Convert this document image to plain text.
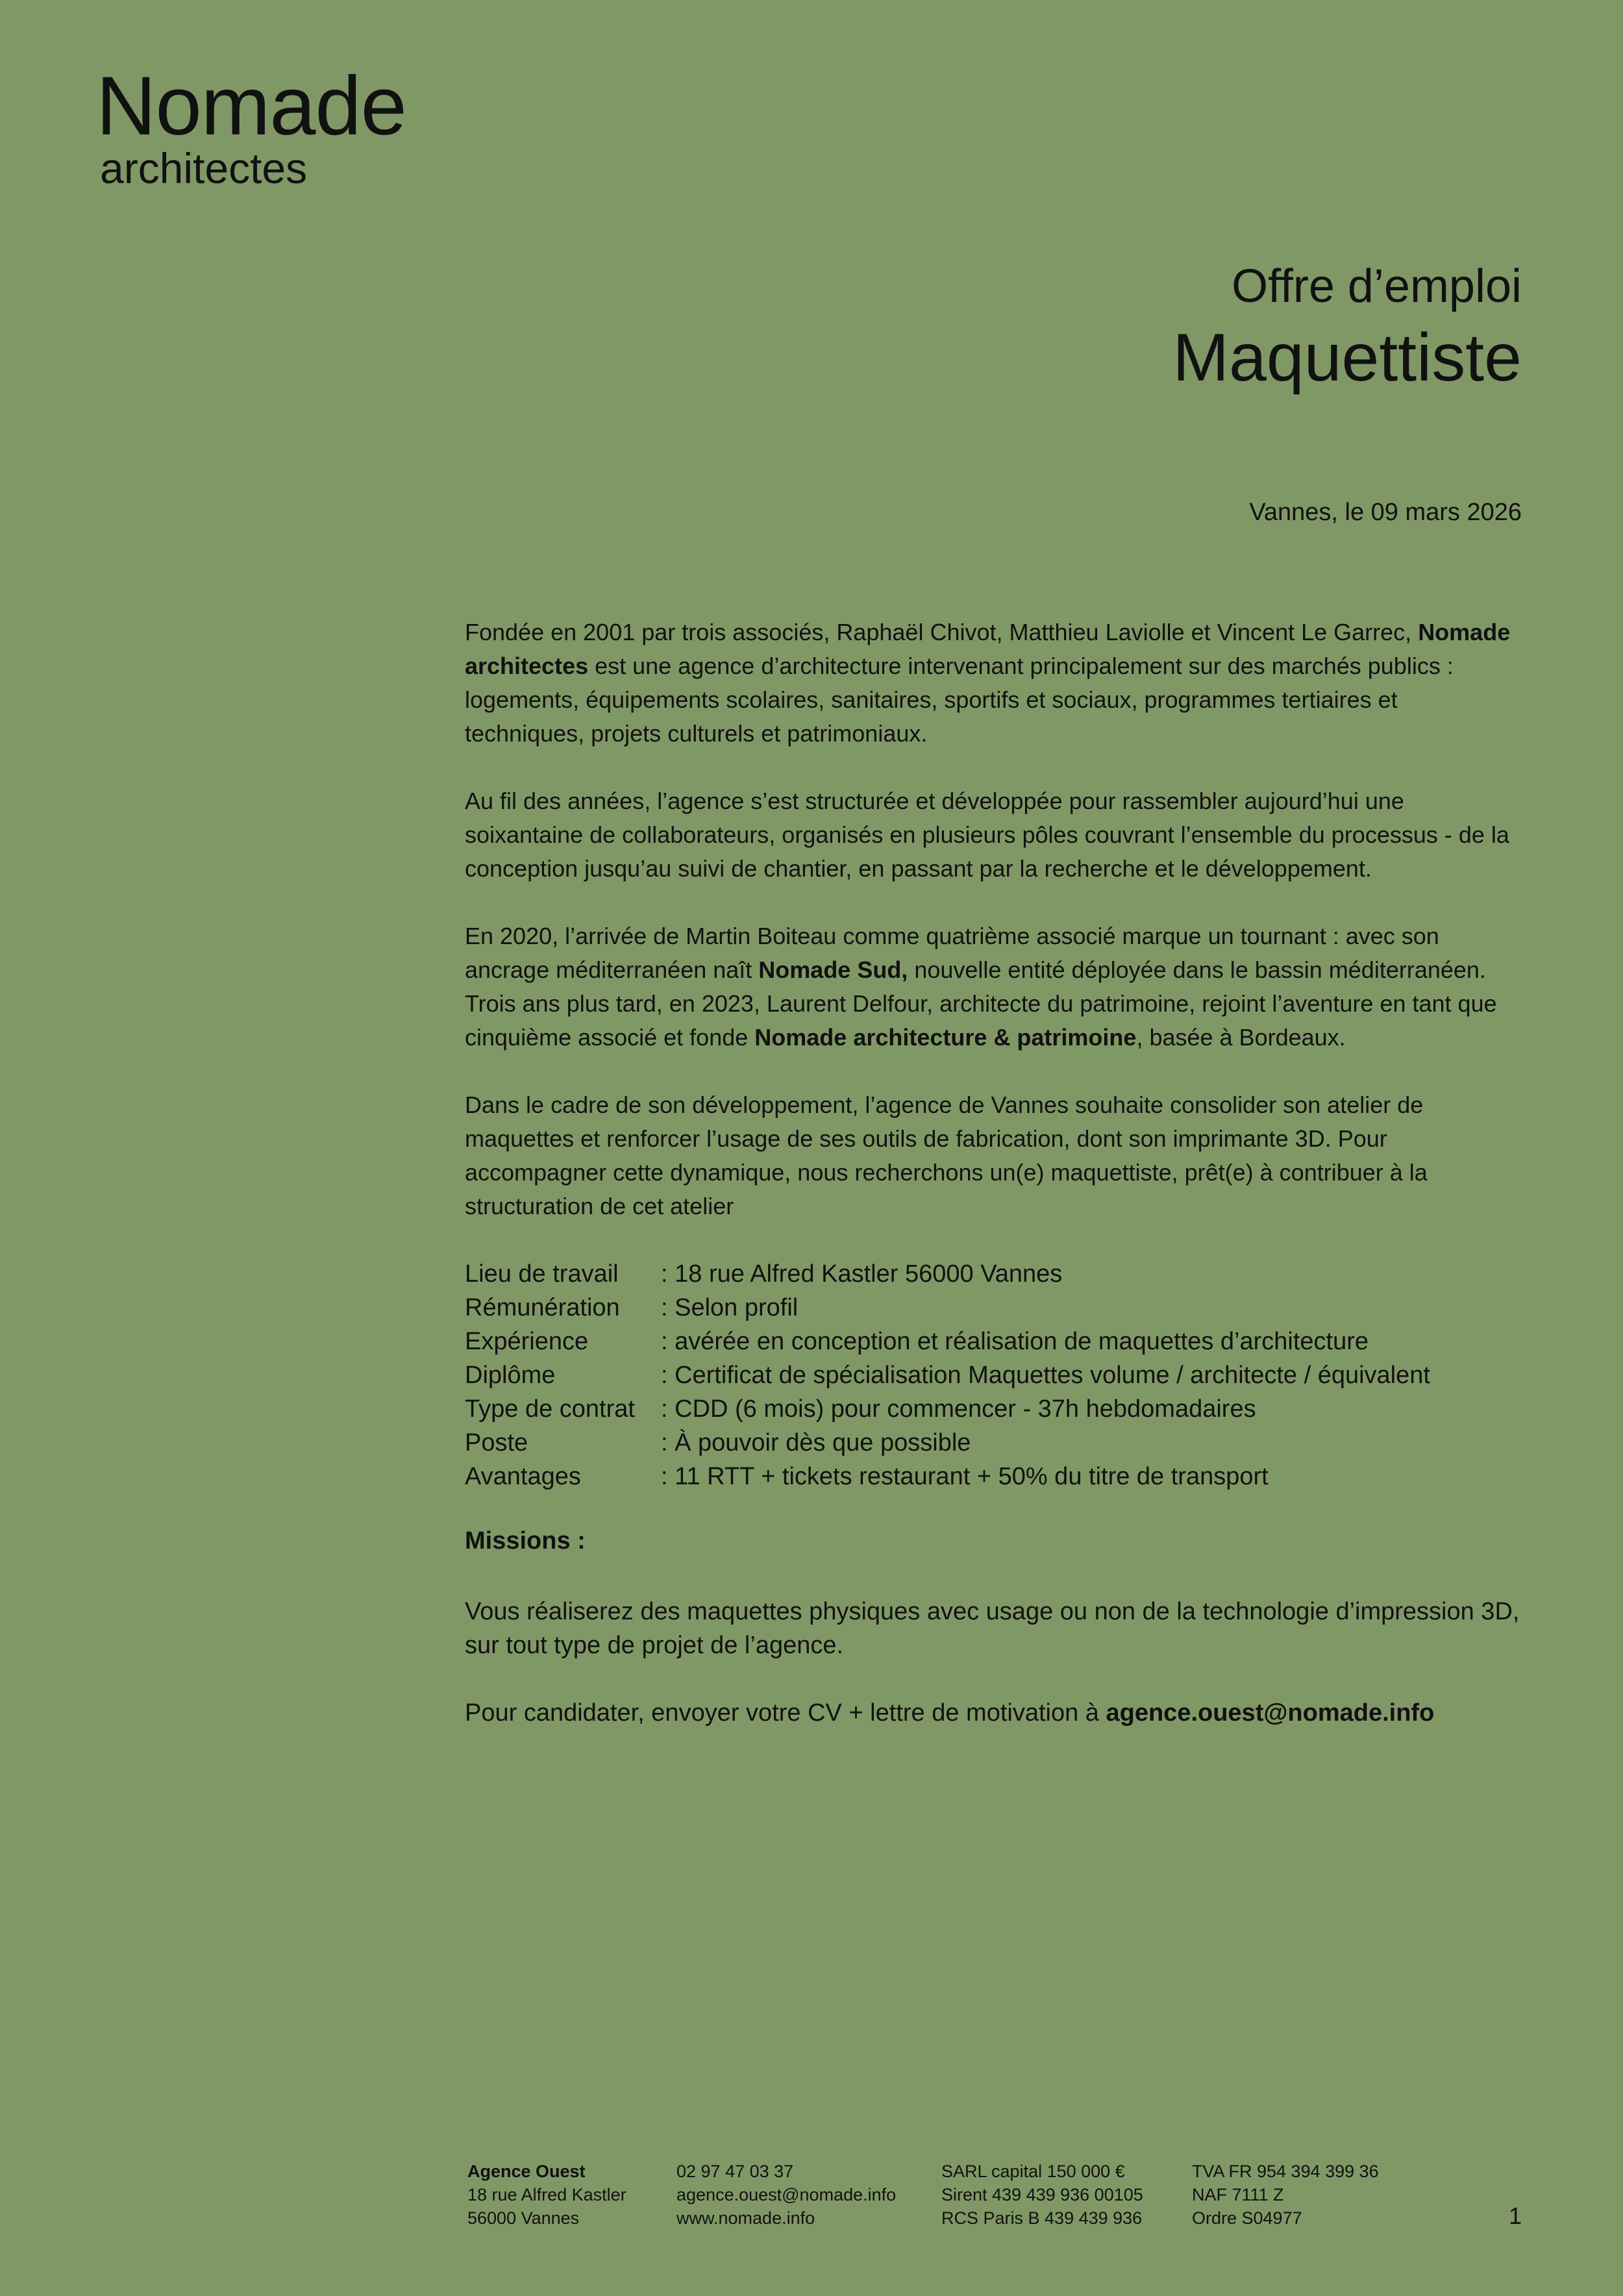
Nomade
architectes
Offre d’emploi
Maquettiste
Vannes, le 09 mars 2026

Fondée en 2001 par trois associés, Raphaël Chivot, Matthieu Laviolle et Vincent Le Garrec, Nomade architectes est une agence d’architecture intervenant principalement sur des marchés publics : logements, équipements scolaires, sanitaires, sportifs et sociaux, programmes tertiaires et techniques, projets culturels et patrimoniaux.

Au fil des années, l’agence s’est structurée et développée pour rassembler aujourd’hui une soixantaine de collaborateurs, organisés en plusieurs pôles couvrant l’ensemble du processus - de la conception jusqu’au suivi de chantier, en passant par la recherche et le développement.

En 2020, l’arrivée de Martin Boiteau comme quatrième associé marque un tournant : avec son ancrage méditerranéen naît Nomade Sud, nouvelle entité déployée dans le bassin méditerranéen. Trois ans plus tard, en 2023, Laurent Delfour, architecte du patrimoine, rejoint l’aventure en tant que cinquième associé et fonde Nomade architecture & patrimoine, basée à Bordeaux.

Dans le cadre de son développement, l’agence de Vannes souhaite consolider son atelier de maquettes et renforcer l’usage de ses outils de fabrication, dont son imprimante 3D. Pour accompagner cette dynamique, nous recherchons un(e) maquettiste, prêt(e) à contribuer à la structuration de cet atelier

Lieu de travail	: 18 rue Alfred Kastler 56000 Vannes
Rémunération	: Selon profil
Expérience	: avérée en conception et réalisation de maquettes d’architecture
Diplôme	: Certificat de spécialisation Maquettes volume / architecte / équivalent
Type de contrat	: CDD (6 mois) pour commencer - 37h hebdomadaires
Poste	: À pouvoir dès que possible
Avantages	: 11 RTT + tickets restaurant + 50% du titre de transport
Missions :
Vous réaliserez des maquettes physiques avec usage ou non de la technologie d’impression 3D, sur tout type de projet de l’agence.
Pour candidater, envoyer votre CV + lettre de motivation à agence.ouest@nomade.info
Agence Ouest
18 rue Alfred Kastler
56000 Vannes
02 97 47 03 37
agence.ouest@nomade.info
www.nomade.info
SARL capital 150 000 €
Sirent 439 439 936 00105
RCS Paris B 439 439 936
TVA FR 954 394 399 36
NAF 7111 Z
Ordre S04977	1
